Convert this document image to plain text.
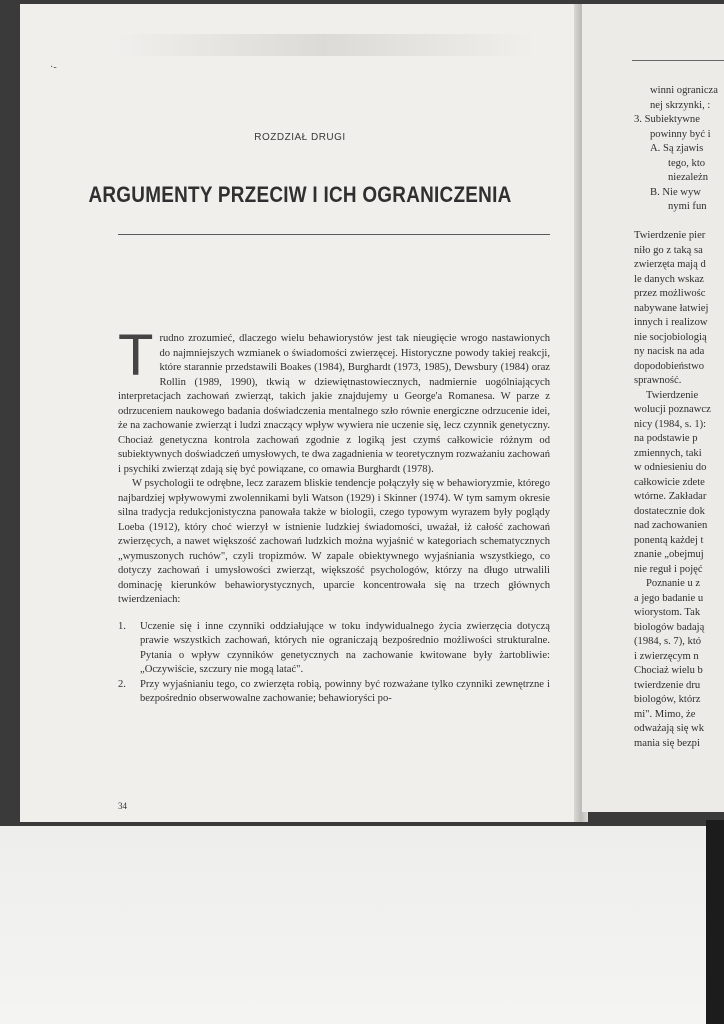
·-
ROZDZIAŁ DRUGI
ARGUMENTY PRZECIW I ICH OGRANICZENIA

Trudno zrozumieć, dlaczego wielu behawiorystów jest tak nieugięcie wrogo nastawionych do najmniejszych wzmianek o świadomości zwierzęcej. Historyczne powody takiej reakcji, które starannie przedstawili Boakes (1984), Burghardt (1973, 1985), Dewsbury (1984) oraz Rollin (1989, 1990), tkwią w dziewiętnastowiecznych, nadmiernie uogólniających interpretacjach zachowań zwierząt, takich jakie znajdujemy u George'a Romanesa. W parze z odrzuceniem naukowego badania doświadczenia mentalnego szło równie energiczne odrzucenie idei, że na zachowanie zwierząt i ludzi znaczący wpływ wywiera nie uczenie się, lecz czynnik genetyczny. Chociaż genetyczna kontrola zachowań zgodnie z logiką jest czymś całkowicie różnym od subiektywnych doświadczeń umysłowych, te dwa zagadnienia w teoretycznym rozważaniu zachowań i psychiki zwierząt zdają się być powiązane, co omawia Burghardt (1978).

W psychologii te odrębne, lecz zarazem bliskie tendencje połączyły się w behawioryzmie, którego najbardziej wpływowymi zwolennikami byli Watson (1929) i Skinner (1974). W tym samym okresie silna tradycja redukcjonistyczna panowała także w biologii, czego typowym wyrazem były poglądy Loeba (1912), który choć wierzył w istnienie ludzkiej świadomości, uważał, iż całość zachowań zwierzęcych, a nawet większość zachowań ludzkich można wyjaśnić w kategoriach schematycznych „wymuszonych ruchów", czyli tropizmów. W zapale obiektywnego wyjaśniania wszystkiego, co dotyczy zachowań i umysłowości zwierząt, większość psychologów, którzy na długo utrwalili dominację kierunków behawiorystycznych, uparcie koncentrowała się na trzech głównych twierdzeniach:

1. Uczenie się i inne czynniki oddziałujące w toku indywidualnego życia zwierzęcia dotyczą prawie wszystkich zachowań, których nie ograniczają bezpośrednio możliwości strukturalne. Pytania o wpływ czynników genetycznych na zachowanie kwitowane były żartobliwie: „Oczywiście, szczury nie mogą latać".
2. Przy wyjaśnianiu tego, co zwierzęta robią, powinny być rozważane tylko czynniki zewnętrzne i bezpośrednio obserwowalne zachowanie; behawioryści po-
34
winni ogranicza
nej skrzynki, :
3. Subiektywne
powinny być i
A. Są zjawis
tego, kto
niezależn
B. Nie wyw
nymi fun

Twierdzenie pier
niło go z taką sa
zwierzęta mają d
le danych wskaz
przez możliwośc
nabywane łatwiej
innych i realizow
nie socjobiologią
ny nacisk na ada
dopodobieństwo
sprawność.
Twierdzenie
wolucji poznawcz
nicy (1984, s. 1):
na podstawie p
zmiennych, taki
w odniesieniu do
całkowicie zdete
wtórne. Zakładar
dostatecznie dok
nad zachowanien
ponentą każdej t
znanie „obejmuj
nie reguł i pojęć
Poznanie u z
a jego badanie u
wiorystom. Tak
biologów badają
(1984, s. 7), któ
i zwierzęcym n
Chociaż wielu b
twierdzenie dru
biologów, którz
mi". Mimo, że
odważają się wk
mania się bezpi
